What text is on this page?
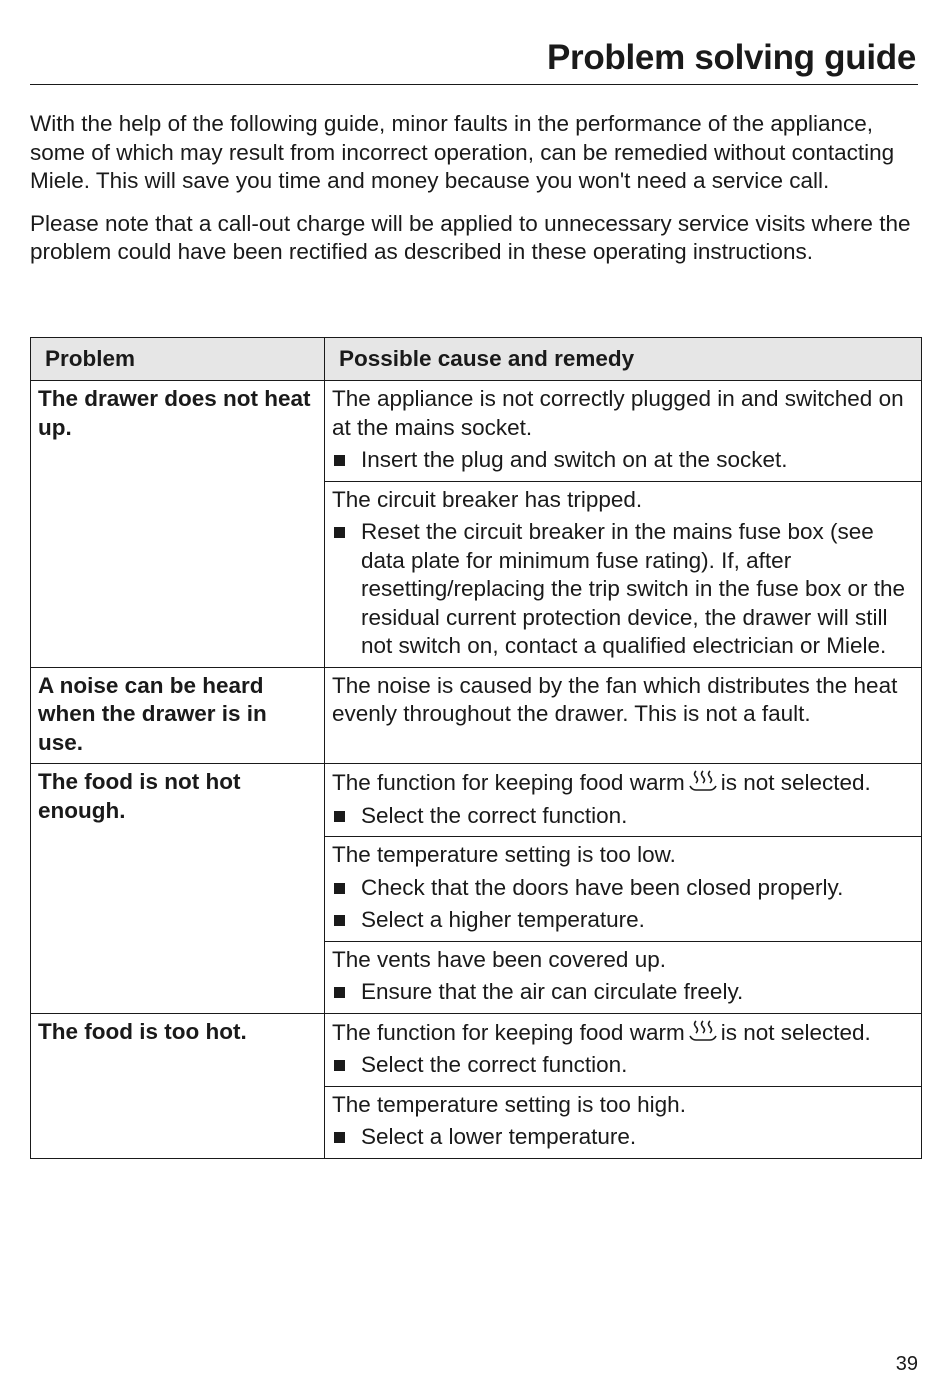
Problem solving guide

With the help of the following guide, minor faults in the performance of the appliance, some of which may result from incorrect operation, can be remedied without contacting Miele. This will save you time and money because you won't need a service call.

Please note that a call-out charge will be applied to unnecessary service visits where the problem could have been rectified as described in these operating instructions.

Problem	Possible cause and remedy
The drawer does not heat up.	The appliance is not correctly plugged in and switched on at the mains socket.
Insert the plug and switch on at the socket.

	The circuit breaker has tripped.
Reset the circuit breaker in the mains fuse box (see data plate for minimum fuse rating). If, after resetting/replacing the trip switch in the fuse box or the residual current protection device, the drawer will still not switch on, contact a qualified electrician or Miele.

A noise can be heard when the drawer is in use.	The noise is caused by the fan which distributes the heat evenly throughout the drawer. This is not a fault.

The food is not hot enough.	The function for keeping food warm is not selected.
Select the correct function.

	The temperature setting is too low.
Check that the doors have been closed properly.
Select a higher temperature.

	The vents have been covered up.
Ensure that the air can circulate freely.

The food is too hot.	The function for keeping food warm is not selected.
Select the correct function.

	The temperature setting is too high.
Select a lower temperature.
39
